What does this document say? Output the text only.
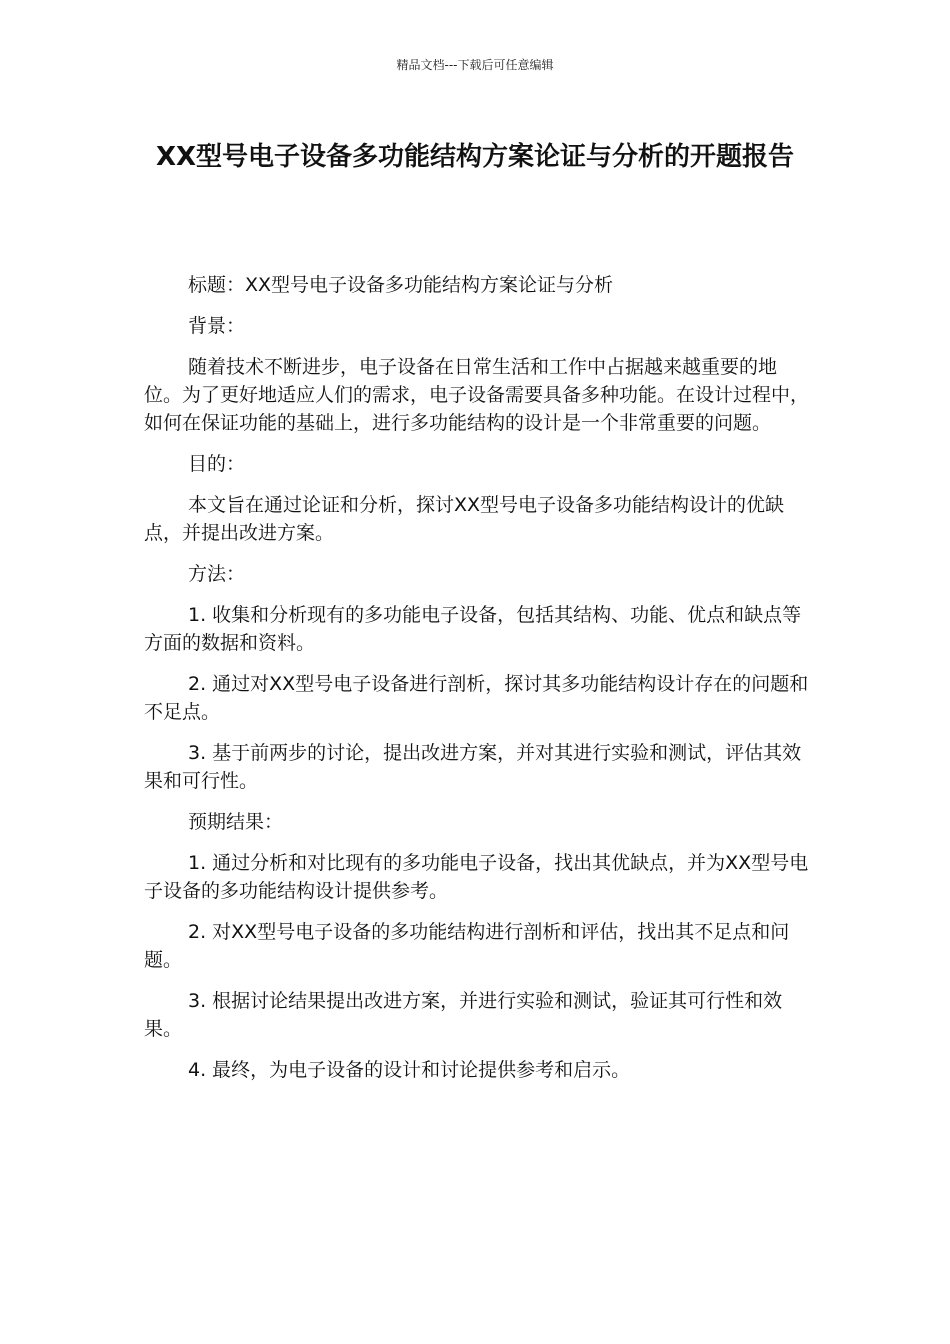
精品文档---下载后可任意编辑
XX型号电子设备多功能结构方案论证与分析的开题报告

标题：XX型号电子设备多功能结构方案论证与分析

背景：

随着技术不断进步，电子设备在日常生活和工作中占据越来越重要的地位。为了更好地适应人们的需求，电子设备需要具备多种功能。在设计过程中，如何在保证功能的基础上，进行多功能结构的设计是一个非常重要的问题。

目的：

本文旨在通过论证和分析，探讨XX型号电子设备多功能结构设计的优缺点，并提出改进方案。

方法：

1. 收集和分析现有的多功能电子设备，包括其结构、功能、优点和缺点等方面的数据和资料。

2. 通过对XX型号电子设备进行剖析，探讨其多功能结构设计存在的问题和不足点。

3. 基于前两步的讨论，提出改进方案，并对其进行实验和测试，评估其效果和可行性。

预期结果：

1. 通过分析和对比现有的多功能电子设备，找出其优缺点，并为XX型号电子设备的多功能结构设计提供参考。

2. 对XX型号电子设备的多功能结构进行剖析和评估，找出其不足点和问题。

3. 根据讨论结果提出改进方案，并进行实验和测试，验证其可行性和效果。

4. 最终，为电子设备的设计和讨论提供参考和启示。
